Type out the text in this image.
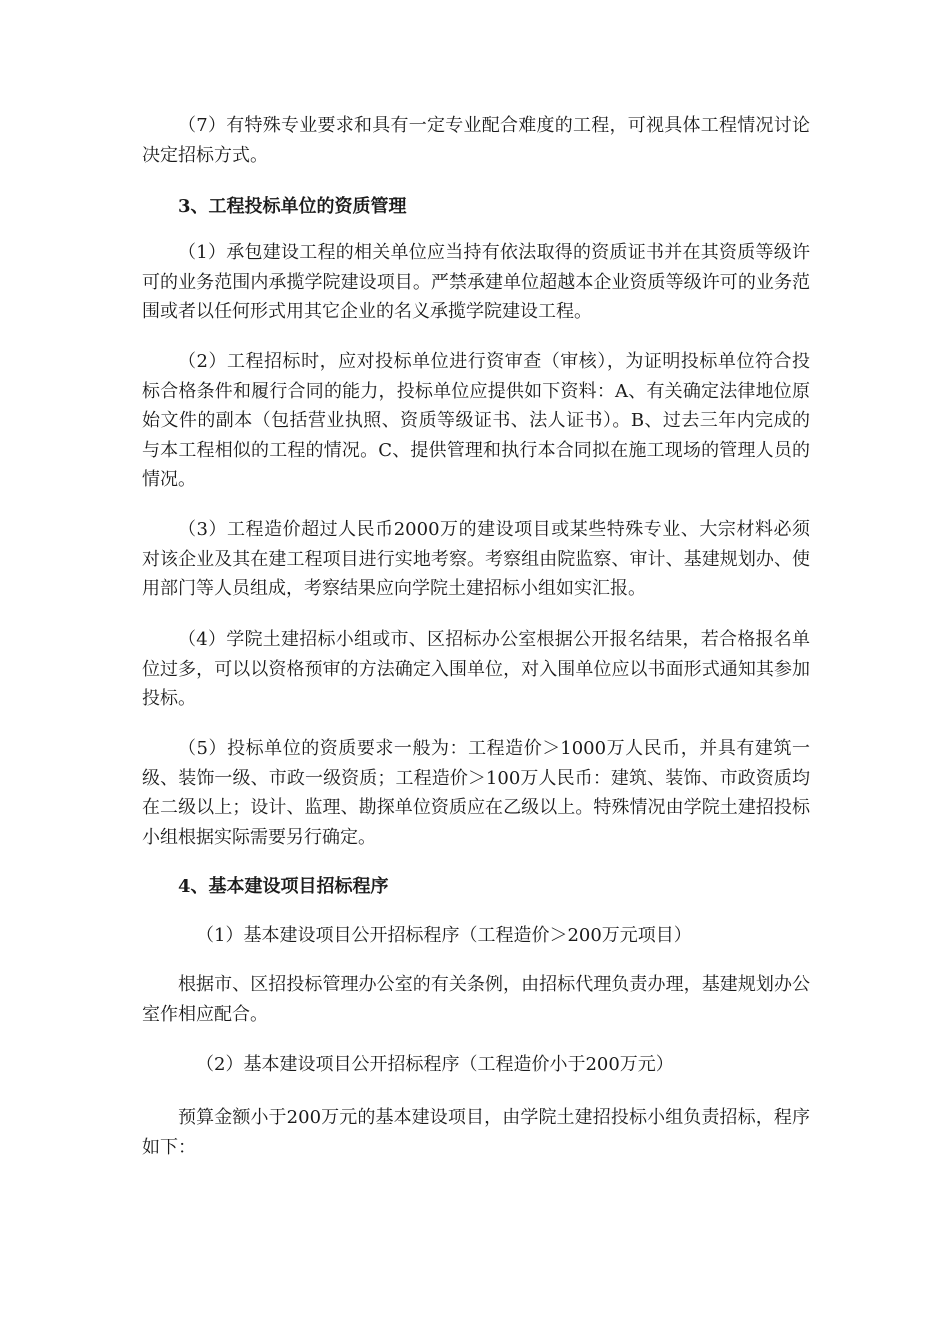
（7）有特殊专业要求和具有一定专业配合难度的工程，可视具体工程情况讨论决定招标方式。

3、工程投标单位的资质管理

（1）承包建设工程的相关单位应当持有依法取得的资质证书并在其资质等级许可的业务范围内承揽学院建设项目。严禁承建单位超越本企业资质等级许可的业务范围或者以任何形式用其它企业的名义承揽学院建设工程。

（2）工程招标时，应对投标单位进行资审查（审核），为证明投标单位符合投标合格条件和履行合同的能力，投标单位应提供如下资料：A、有关确定法律地位原始文件的副本（包括营业执照、资质等级证书、法人证书）。B、过去三年内完成的与本工程相似的工程的情况。C、提供管理和执行本合同拟在施工现场的管理人员的情况。

（3）工程造价超过人民币2000万的建设项目或某些特殊专业、大宗材料必须对该企业及其在建工程项目进行实地考察。考察组由院监察、审计、基建规划办、使用部门等人员组成，考察结果应向学院土建招标小组如实汇报。

（4）学院土建招标小组或市、区招标办公室根据公开报名结果，若合格报名单位过多，可以以资格预审的方法确定入围单位，对入围单位应以书面形式通知其参加投标。

（5）投标单位的资质要求一般为：工程造价＞1000万人民币，并具有建筑一级、装饰一级、市政一级资质；工程造价＞100万人民币：建筑、装饰、市政资质均在二级以上；设计、监理、勘探单位资质应在乙级以上。特殊情况由学院土建招投标小组根据实际需要另行确定。

4、基本建设项目招标程序

（1）基本建设项目公开招标程序（工程造价＞200万元项目）

根据市、区招投标管理办公室的有关条例，由招标代理负责办理，基建规划办公室作相应配合。

（2）基本建设项目公开招标程序（工程造价小于200万元）

预算金额小于200万元的基本建设项目，由学院土建招投标小组负责招标，程序如下：
